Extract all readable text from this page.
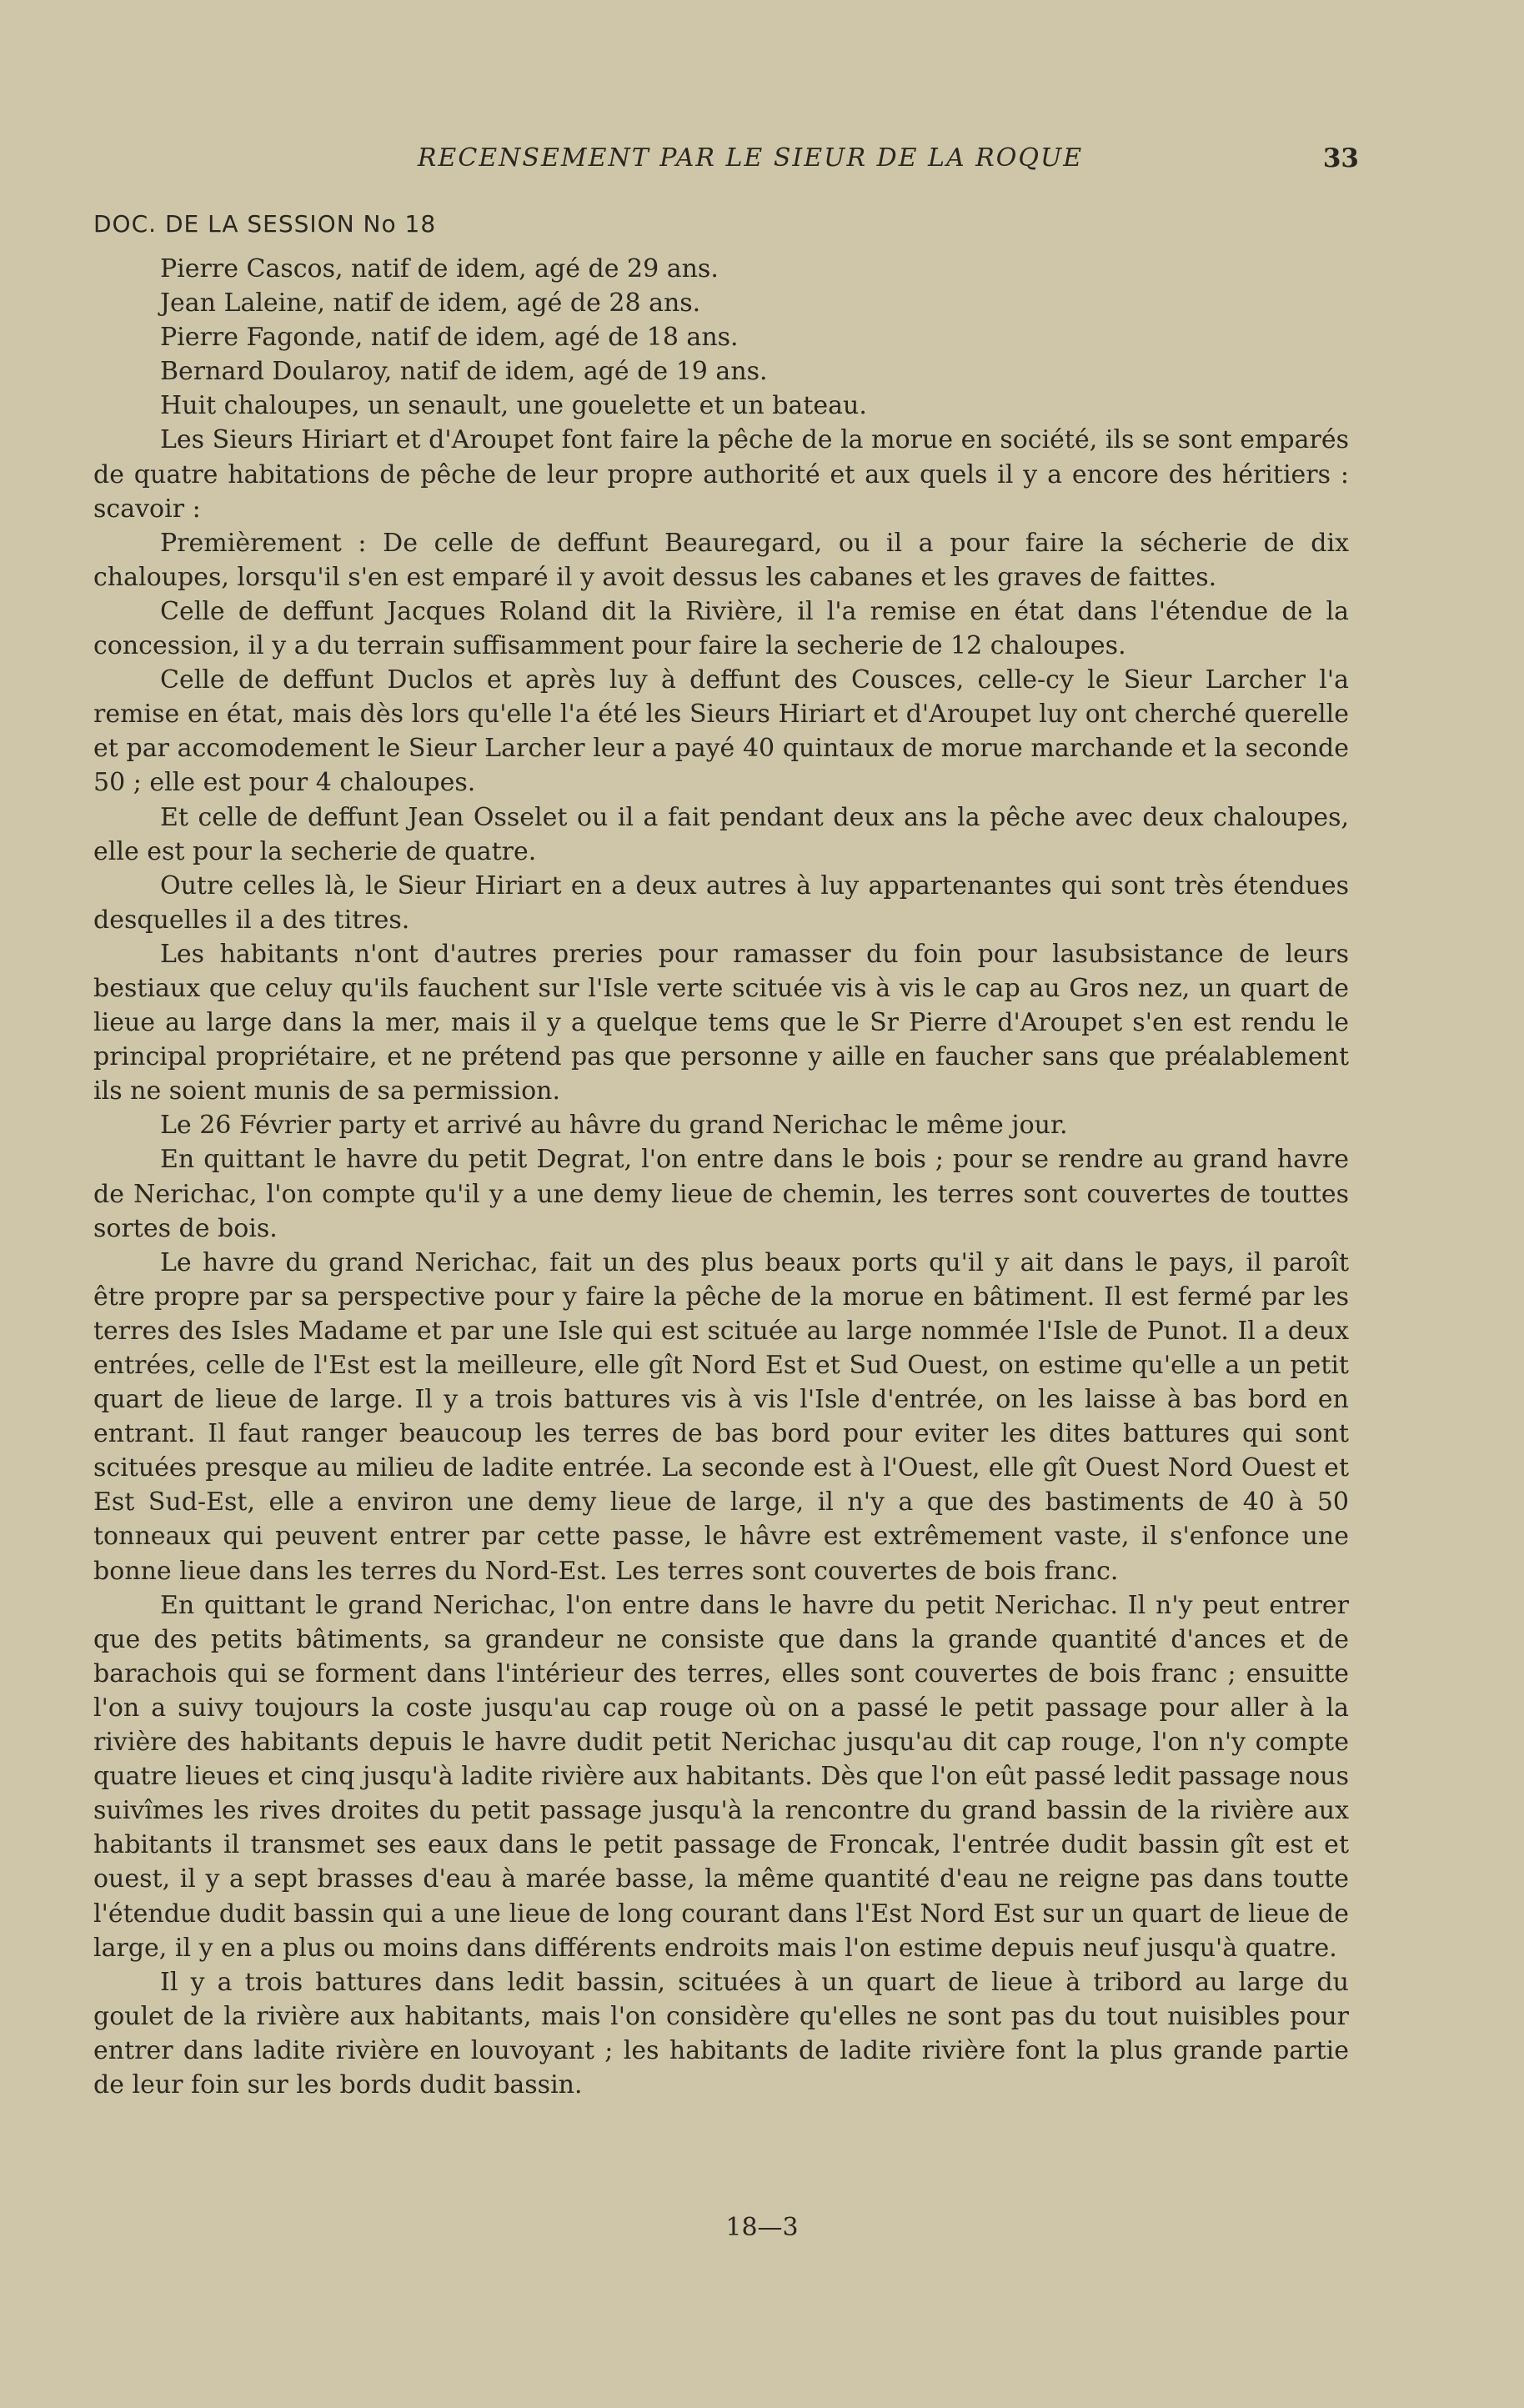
RECENSEMENT PAR LE SIEUR DE LA ROQUE	33
DOC. DE LA SESSION No 18

Pierre Cascos, natif de idem, agé de 29 ans.

Jean Laleine, natif de idem, agé de 28 ans.

Pierre Fagonde, natif de idem, agé de 18 ans.

Bernard Doularoy, natif de idem, agé de 19 ans.

Huit chaloupes, un senault, une gouelette et un bateau.

Les Sieurs Hiriart et d'Aroupet font faire la pêche de la morue en société, ils se sont emparés de quatre habitations de pêche de leur propre authorité et aux quels il y a encore des héritiers : scavoir :

Premièrement : De celle de deffunt Beauregard, ou il a pour faire la sécherie de dix chaloupes, lorsqu'il s'en est emparé il y avoit dessus les cabanes et les graves de faittes.

Celle de deffunt Jacques Roland dit la Rivière, il l'a remise en état dans l'étendue de la concession, il y a du terrain suffisamment pour faire la secherie de 12 chaloupes.

Celle de deffunt Duclos et après luy à deffunt des Cousces, celle-cy le Sieur Larcher l'a remise en état, mais dès lors qu'elle l'a été les Sieurs Hiriart et d'Aroupet luy ont cherché querelle et par accomodement le Sieur Larcher leur a payé 40 quintaux de morue marchande et la seconde 50 ; elle est pour 4 chaloupes.

Et celle de deffunt Jean Osselet ou il a fait pendant deux ans la pêche avec deux chaloupes, elle est pour la secherie de quatre.

Outre celles là, le Sieur Hiriart en a deux autres à luy appartenantes qui sont très étendues desquelles il a des titres.

Les habitants n'ont d'autres preries pour ramasser du foin pour lasubsistance de leurs bestiaux que celuy qu'ils fauchent sur l'Isle verte scituée vis à vis le cap au Gros nez, un quart de lieue au large dans la mer, mais il y a quelque tems que le Sr Pierre d'Aroupet s'en est rendu le principal propriétaire, et ne prétend pas que personne y aille en faucher sans que préalablement ils ne soient munis de sa permission.

Le 26 Février party et arrivé au hâvre du grand Nerichac le même jour.

En quittant le havre du petit Degrat, l'on entre dans le bois ; pour se rendre au grand havre de Nerichac, l'on compte qu'il y a une demy lieue de chemin, les terres sont couvertes de touttes sortes de bois.

Le havre du grand Nerichac, fait un des plus beaux ports qu'il y ait dans le pays, il paroît être propre par sa perspective pour y faire la pêche de la morue en bâtiment. Il est fermé par les terres des Isles Madame et par une Isle qui est scituée au large nommée l'Isle de Punot. Il a deux entrées, celle de l'Est est la meilleure, elle gît Nord Est et Sud Ouest, on estime qu'elle a un petit quart de lieue de large. Il y a trois battures vis à vis l'Isle d'entrée, on les laisse à bas bord en entrant. Il faut ranger beaucoup les terres de bas bord pour eviter les dites battures qui sont scituées presque au milieu de ladite entrée. La seconde est à l'Ouest, elle gît Ouest Nord Ouest et Est Sud-Est, elle a environ une demy lieue de large, il n'y a que des bastiments de 40 à 50 tonneaux qui peuvent entrer par cette passe, le hâvre est extrêmement vaste, il s'enfonce une bonne lieue dans les terres du Nord-Est. Les terres sont couvertes de bois franc.

En quittant le grand Nerichac, l'on entre dans le havre du petit Nerichac. Il n'y peut entrer que des petits bâtiments, sa grandeur ne consiste que dans la grande quantité d'ances et de barachois qui se forment dans l'intérieur des terres, elles sont couvertes de bois franc ; ensuitte l'on a suivy toujours la coste jusqu'au cap rouge où on a passé le petit passage pour aller à la rivière des habitants depuis le havre dudit petit Nerichac jusqu'au dit cap rouge, l'on n'y compte quatre lieues et cinq jusqu'à ladite rivière aux habitants. Dès que l'on eût passé ledit passage nous suivîmes les rives droites du petit passage jusqu'à la rencontre du grand bassin de la rivière aux habitants il transmet ses eaux dans le petit passage de Froncak, l'entrée dudit bassin gît est et ouest, il y a sept brasses d'eau à marée basse, la même quantité d'eau ne reigne pas dans toutte l'étendue dudit bassin qui a une lieue de long courant dans l'Est Nord Est sur un quart de lieue de large, il y en a plus ou moins dans différents endroits mais l'on estime depuis neuf jusqu'à quatre.

Il y a trois battures dans ledit bassin, scituées à un quart de lieue à tribord au large du goulet de la rivière aux habitants, mais l'on considère qu'elles ne sont pas du tout nuisibles pour entrer dans ladite rivière en louvoyant ; les habitants de ladite rivière font la plus grande partie de leur foin sur les bords dudit bassin.

18—3
